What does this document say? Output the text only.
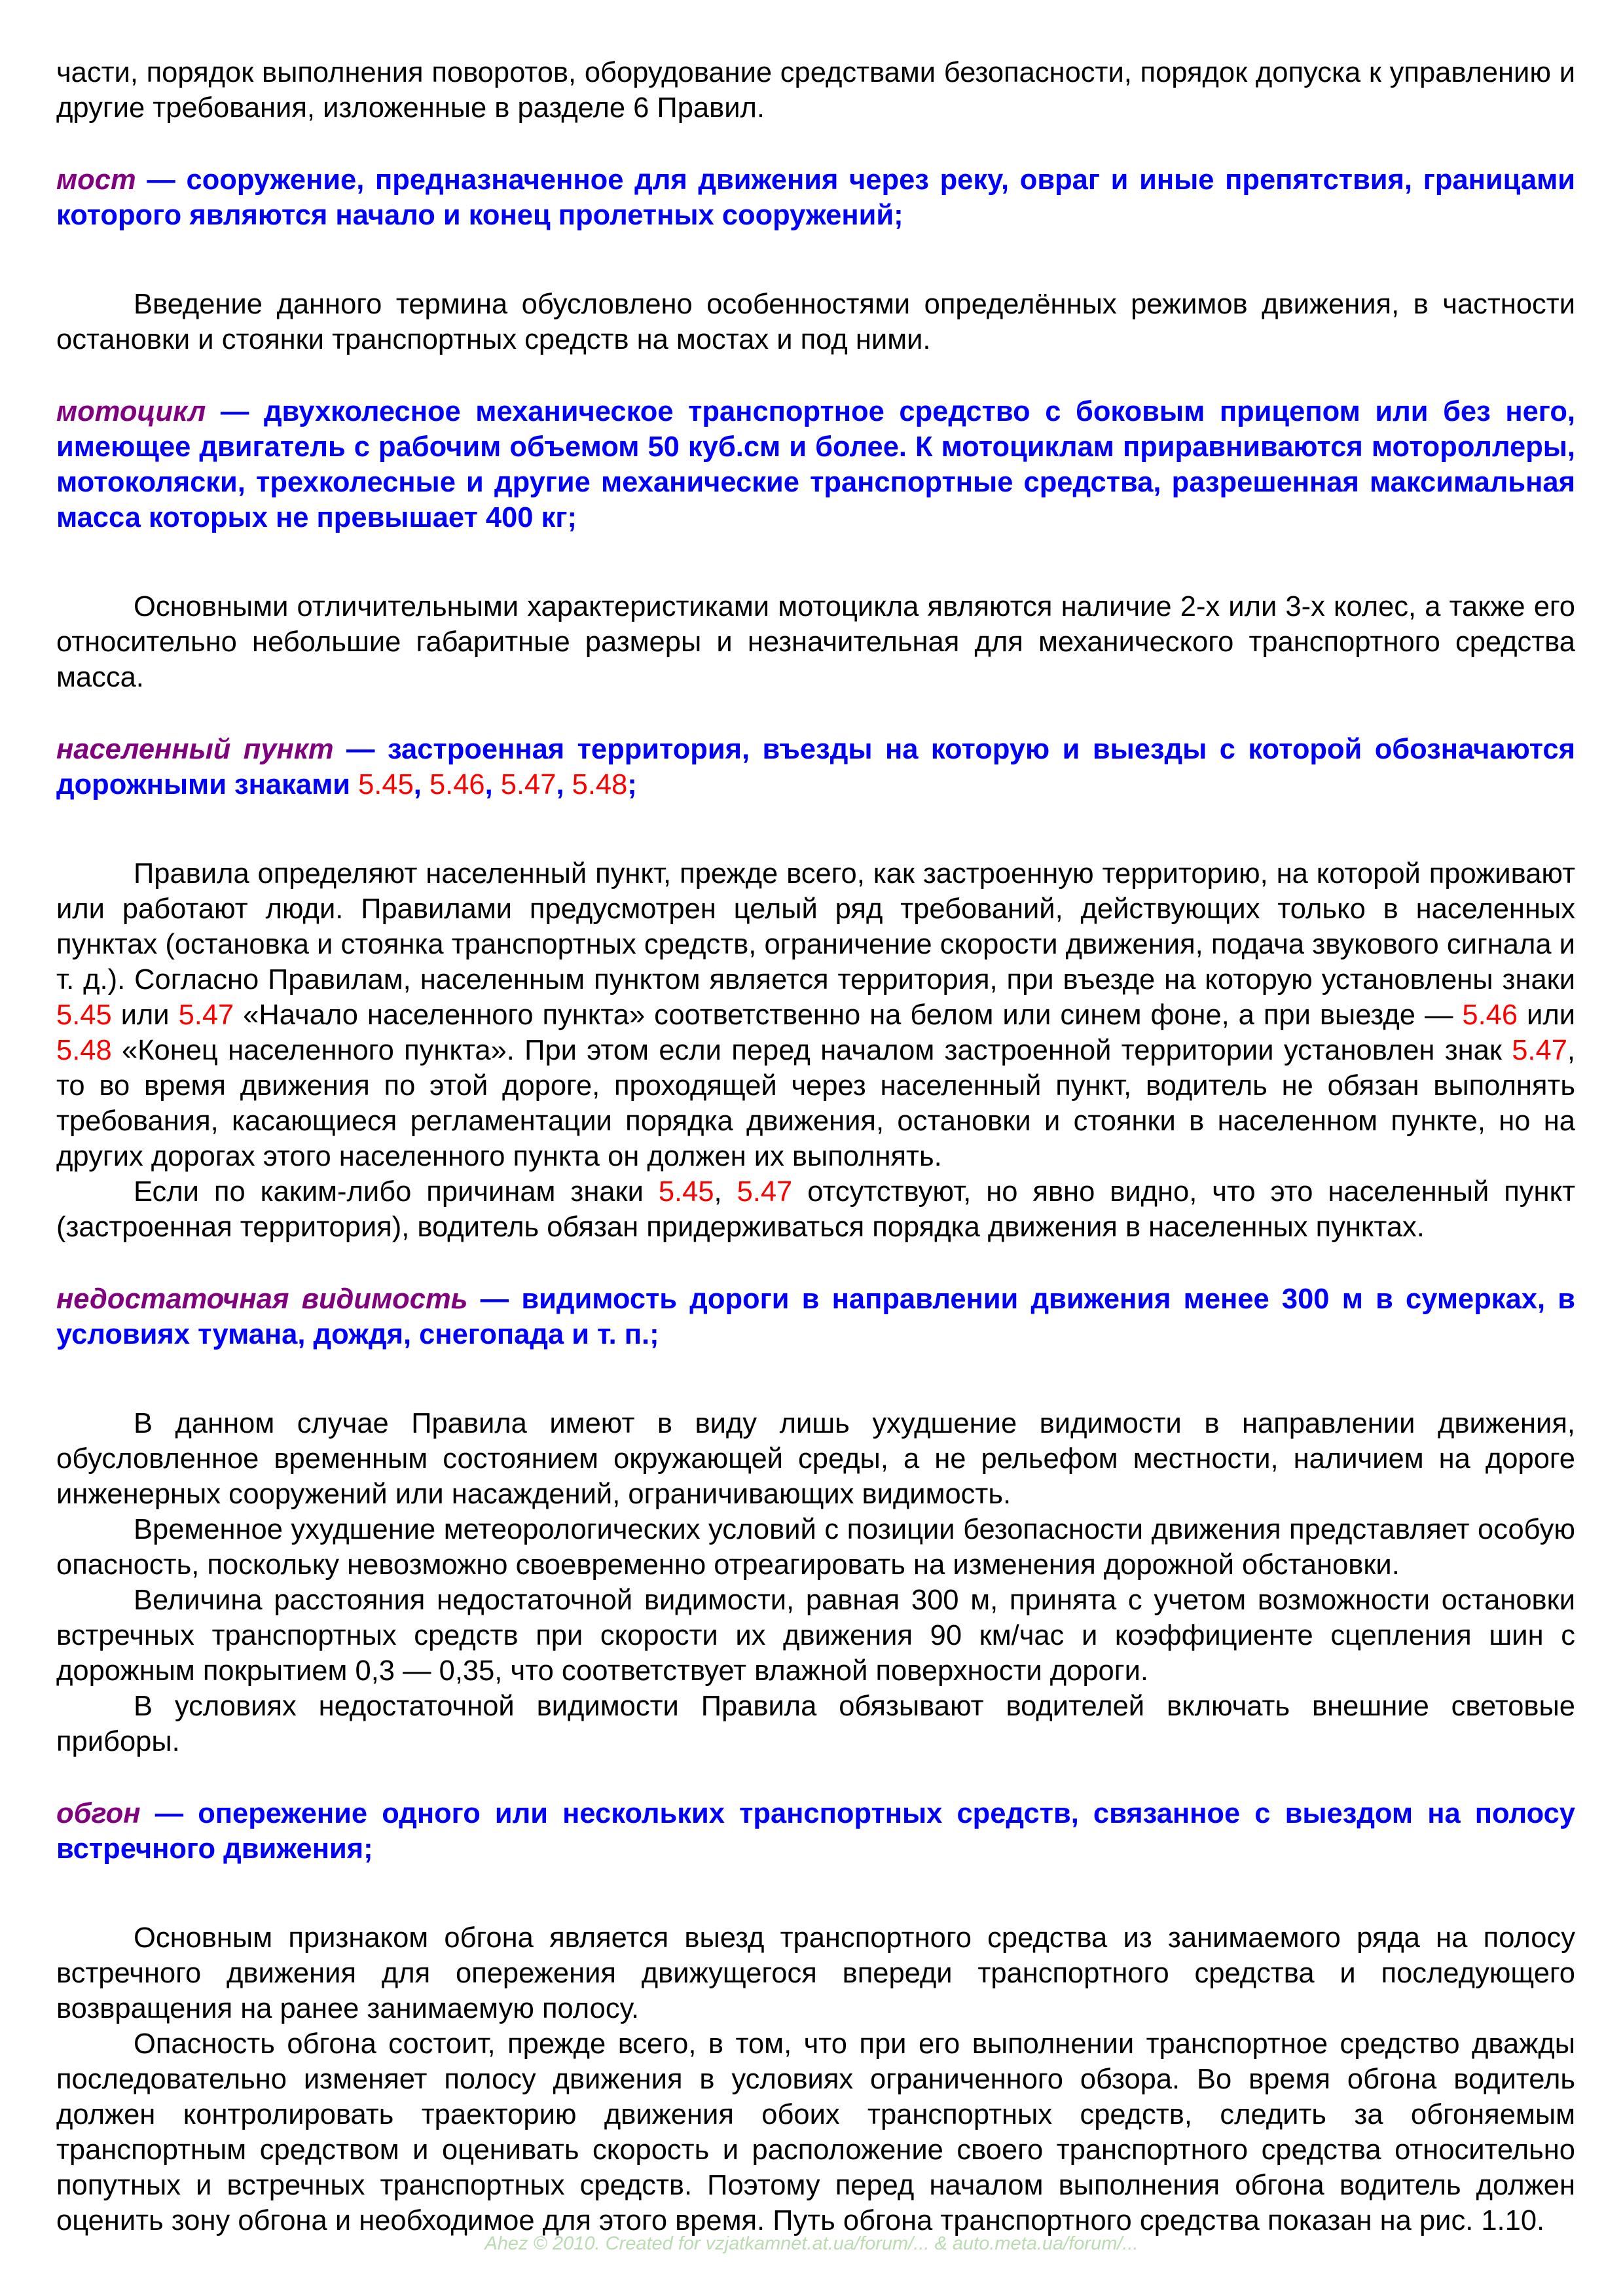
части, порядок выполнения поворотов, оборудование средствами безопасности, порядок допуска к управлению и другие требования, изложенные в разделе 6 Правил.

мост — сооружение, предназначенное для движения через реку, овраг и иные препятствия, границами которого являются начало и конец пролетных сооружений;

Введение данного термина обусловлено особенностями определённых режимов движения, в частности остановки и стоянки транспортных средств на мостах и под ними.

мотоцикл — двухколесное механическое транспортное средство с боковым прицепом или без него, имеющее двигатель с рабочим объемом 50 куб.см и более. К мотоциклам приравниваются мотороллеры, мотоколяски, трехколесные и другие механические транспортные средства, разрешенная максимальная масса которых не превышает 400 кг;

Основными отличительными характеристиками мотоцикла являются наличие 2-х или 3-х колес, а также его относительно небольшие габаритные размеры и незначительная для механического транспортного средства масса.

населенный пункт — застроенная территория, въезды на которую и выезды с которой обозначаются дорожными знаками 5.45, 5.46, 5.47, 5.48;

Правила определяют населенный пункт, прежде всего, как застроенную территорию, на которой проживают или работают люди. Правилами предусмотрен целый ряд требований, действующих только в населенных пунктах (остановка и стоянка транспортных средств, ограничение скорости движения, подача звукового сигнала и т. д.). Согласно Правилам, населенным пунктом является территория, при въезде на которую установлены знаки 5.45 или 5.47 «Начало населенного пункта» соответственно на белом или синем фоне, а при выезде — 5.46 или 5.48 «Конец населенного пункта». При этом если перед началом застроенной территории установлен знак 5.47, то во время движения по этой дороге, проходящей через населенный пункт, водитель не обязан выполнять требования, касающиеся регламентации порядка движения, остановки и стоянки в населенном пункте, но на других дорогах этого населенного пункта он должен их выполнять.

Если по каким-либо причинам знаки 5.45, 5.47 отсутствуют, но явно видно, что это населенный пункт (застроенная территория), водитель обязан придерживаться порядка движения в населенных пунктах.

недостаточная видимость — видимость дороги в направлении движения менее 300 м в сумерках, в условиях тумана, дождя, снегопада и т. п.;

В данном случае Правила имеют в виду лишь ухудшение видимости в направлении движения, обусловленное временным состоянием окружающей среды, а не рельефом местности, наличием на дороге инженерных сооружений или насаждений, ограничивающих видимость.

Временное ухудшение метеорологических условий с позиции безопасности движения представляет особую опасность, поскольку невозможно своевременно отреагировать на изменения дорожной обстановки.

Величина расстояния недостаточной видимости, равная 300 м, принята с учетом возможности остановки встречных транспортных средств при скорости их движения 90 км/час и коэффициенте сцепления шин с дорожным покрытием 0,3 — 0,35, что соответствует влажной поверхности дороги.

В условиях недостаточной видимости Правила обязывают водителей включать внешние световые приборы.

обгон — опережение одного или нескольких транспортных средств, связанное с выездом на полосу встречного движения;

Основным признаком обгона является выезд транспортного средства из занимаемого ряда на полосу встречного движения для опережения движущегося впереди транспортного средства и последующего возвращения на ранее занимаемую полосу.

Опасность обгона состоит, прежде всего, в том, что при его выполнении транспортное средство дважды последовательно изменяет полосу движения в условиях ограниченного обзора. Во время обгона водитель должен контролировать траекторию движения обоих транспортных средств, следить за обгоняемым транспортным средством и оценивать скорость и расположение своего транспортного средства относительно попутных и встречных транспортных средств. Поэтому перед началом выполнения обгона водитель должен оценить зону обгона и необходимое для этого время. Путь обгона транспортного средства показан на рис. 1.10.

Ahez © 2010. Created for vzjatkamnet.at.ua/forum/... & auto.meta.ua/forum/...
